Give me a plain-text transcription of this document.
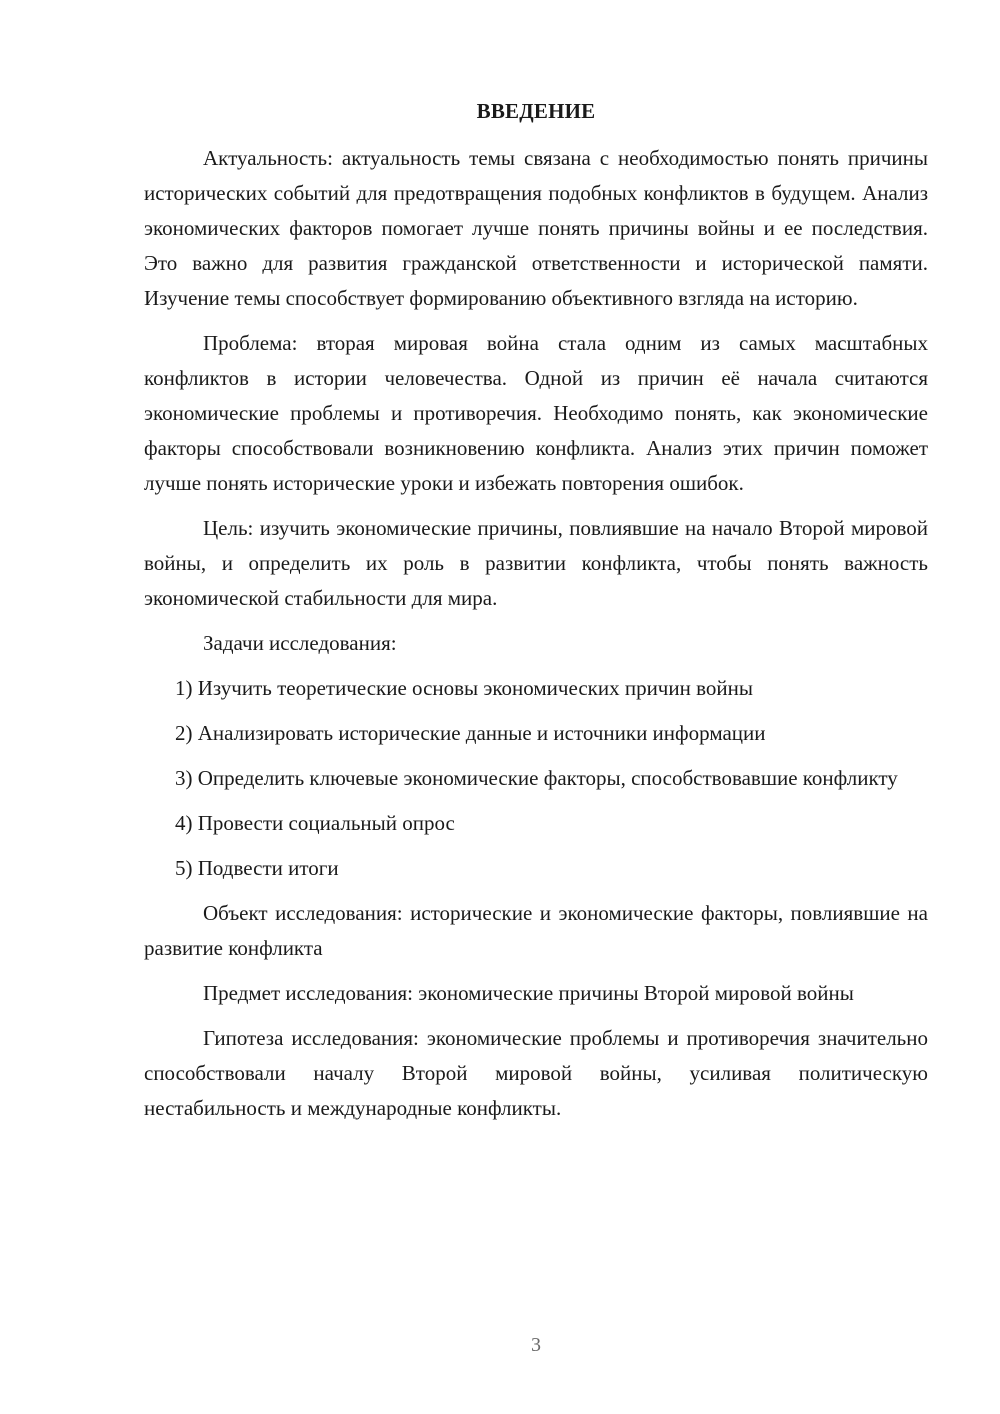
ВВЕДЕНИЕ

Актуальность: актуальность темы связана с необходимостью понять причины исторических событий для предотвращения подобных конфликтов в будущем. Анализ экономических факторов помогает лучше понять причины войны и ее последствия. Это важно для развития гражданской ответственности и исторической памяти. Изучение темы способствует формированию объективного взгляда на историю.

Проблема: вторая мировая война стала одним из самых масштабных конфликтов в истории человечества. Одной из причин её начала считаются экономические проблемы и противоречия. Необходимо понять, как экономические факторы способствовали возникновению конфликта. Анализ этих причин поможет лучше понять исторические уроки и избежать повторения ошибок.

Цель: изучить экономические причины, повлиявшие на начало Второй мировой войны, и определить их роль в развитии конфликта, чтобы понять важность экономической стабильности для мира.

Задачи исследования:

1) Изучить теоретические основы экономических причин войны

2) Анализировать исторические данные и источники информации

3) Определить ключевые экономические факторы, способствовавшие конфликту

4) Провести социальный опрос

5) Подвести итоги

Объект исследования: исторические и экономические факторы, повлиявшие на развитие конфликта

Предмет исследования: экономические причины Второй мировой войны

Гипотеза исследования: экономические проблемы и противоречия значительно способствовали началу Второй мировой войны, усиливая политическую нестабильность и международные конфликты.

3
